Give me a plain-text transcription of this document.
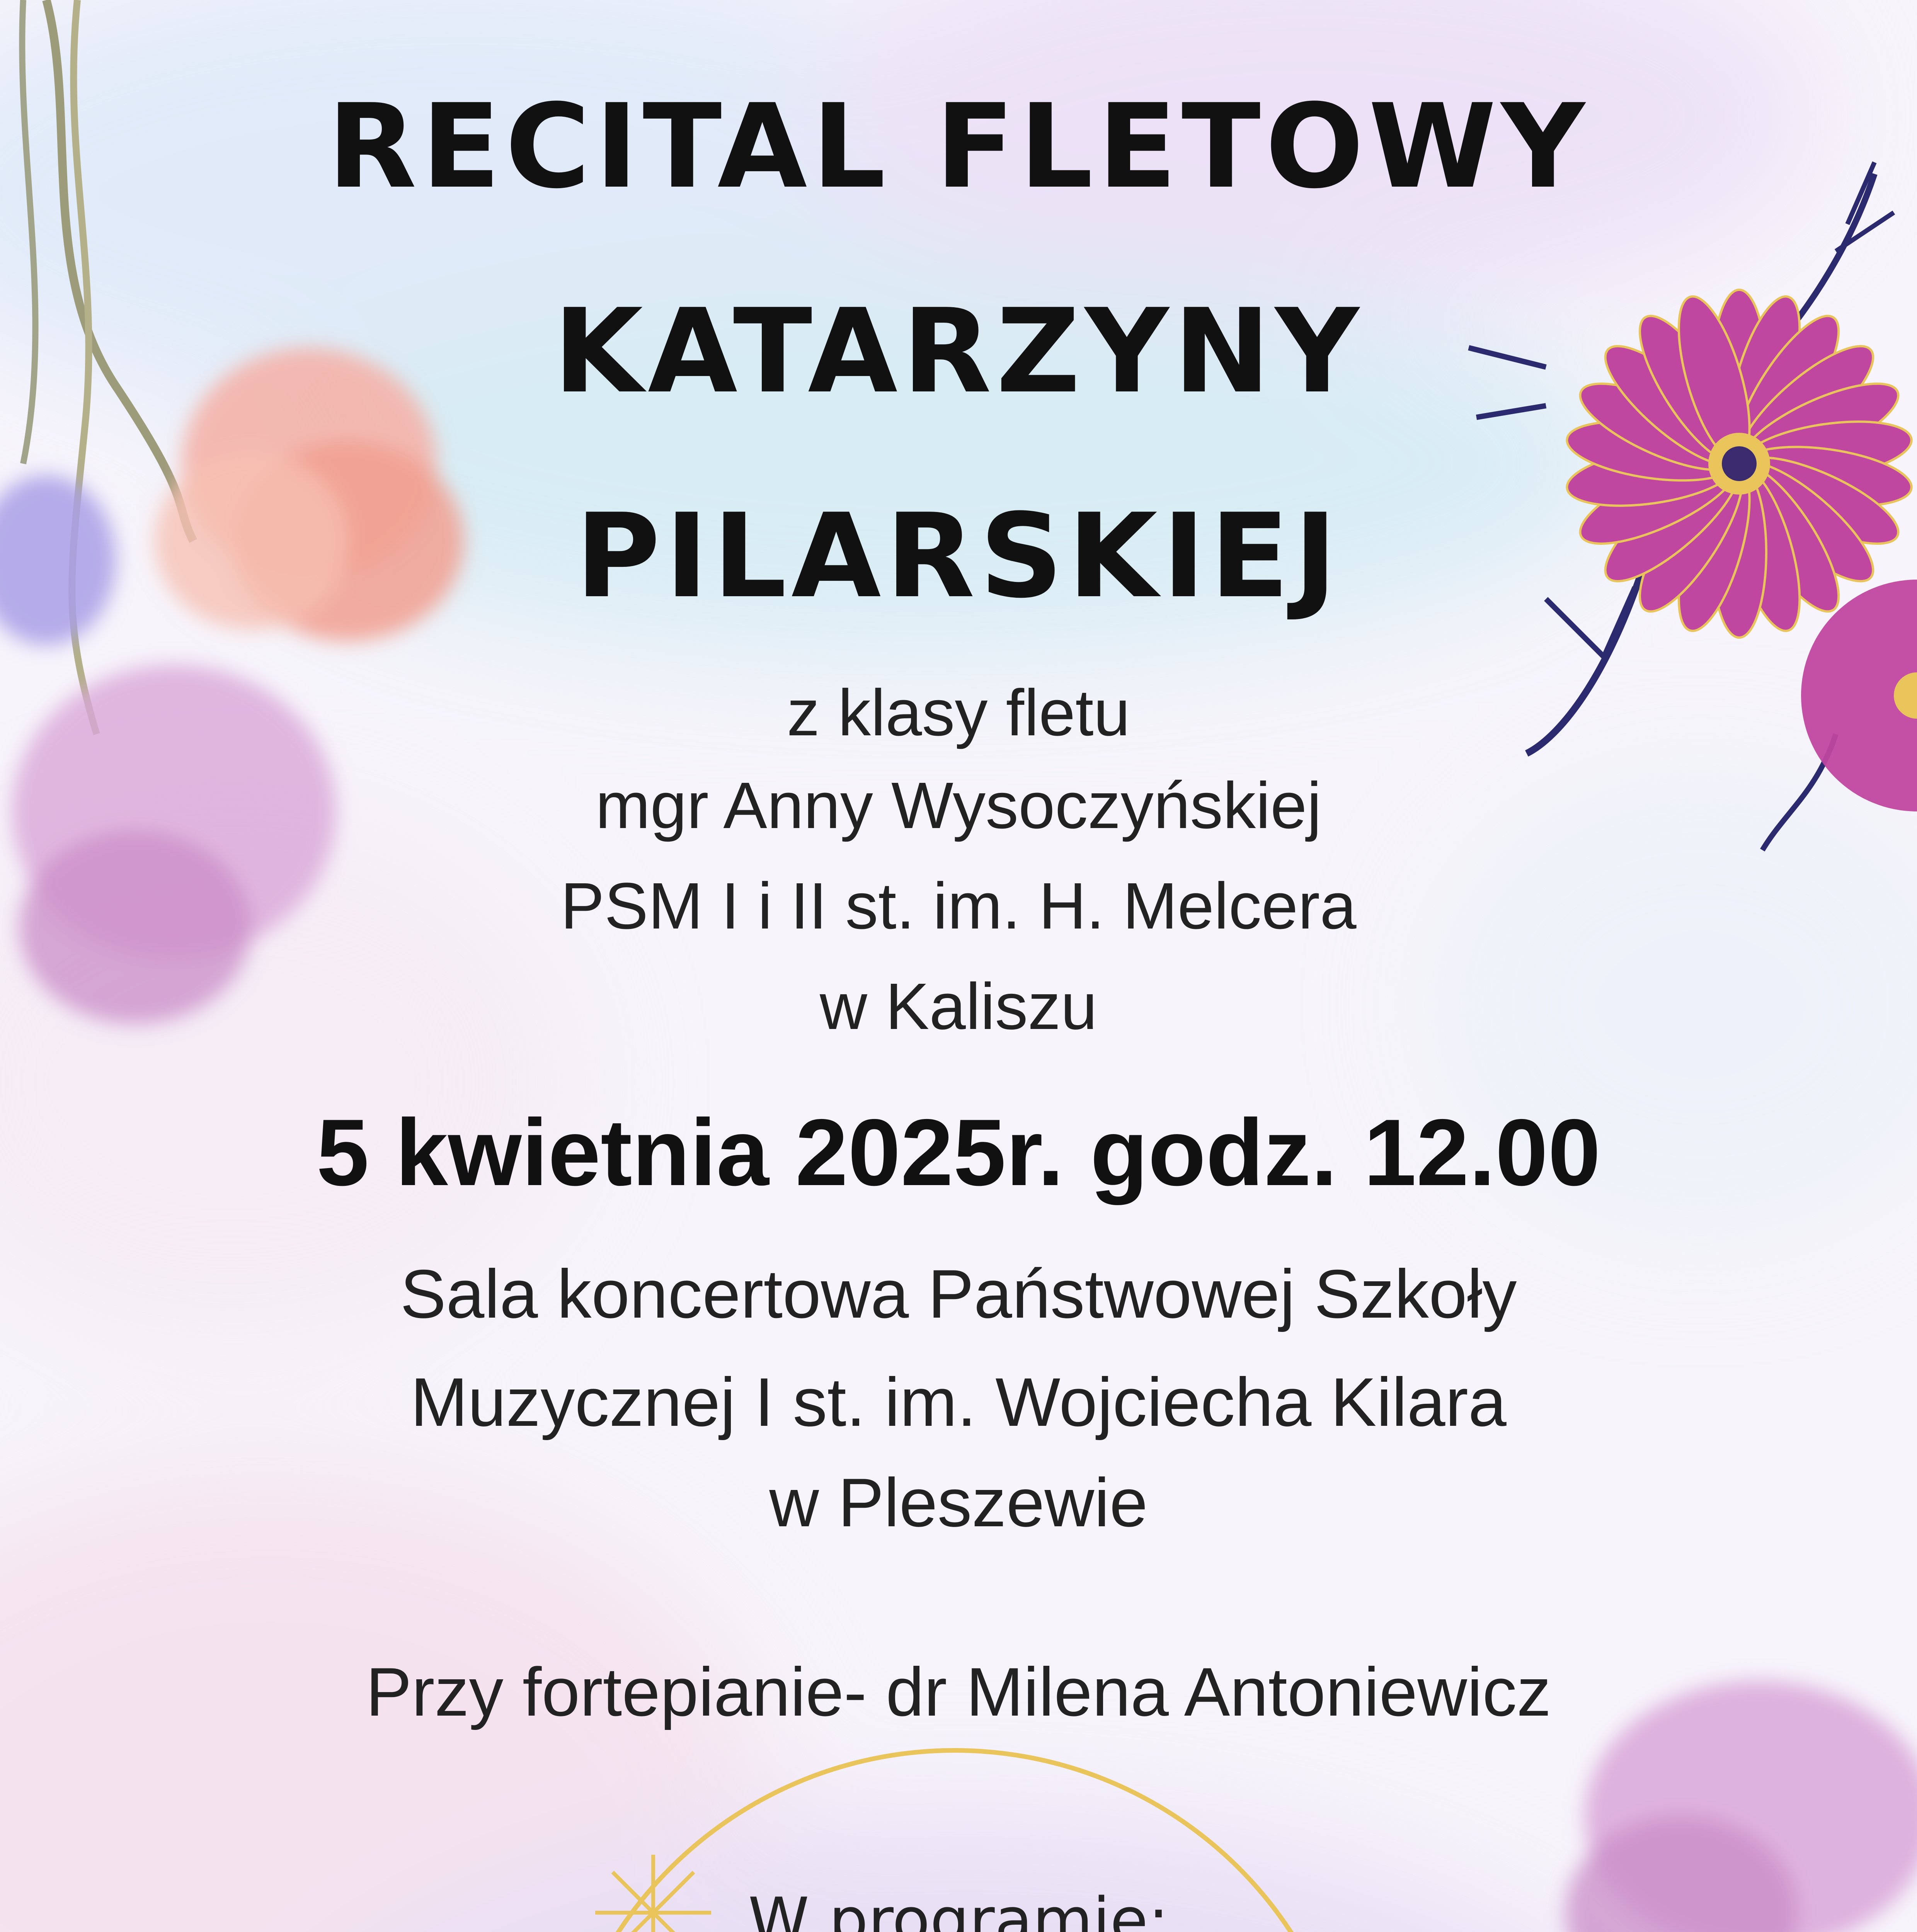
RECITAL FLETOWY
KATARZYNY
PILARSKIEJ
z klasy fletu
mgr Anny Wysoczyńskiej
PSM I i II st. im. H. Melcera
w Kaliszu
5 kwietnia 2025r. godz. 12.00
Sala koncertowa Państwowej Szkoły
Muzycznej I st. im. Wojciecha Kilara
w Pleszewie
Przy fortepianie- dr Milena Antoniewicz
W programie:
